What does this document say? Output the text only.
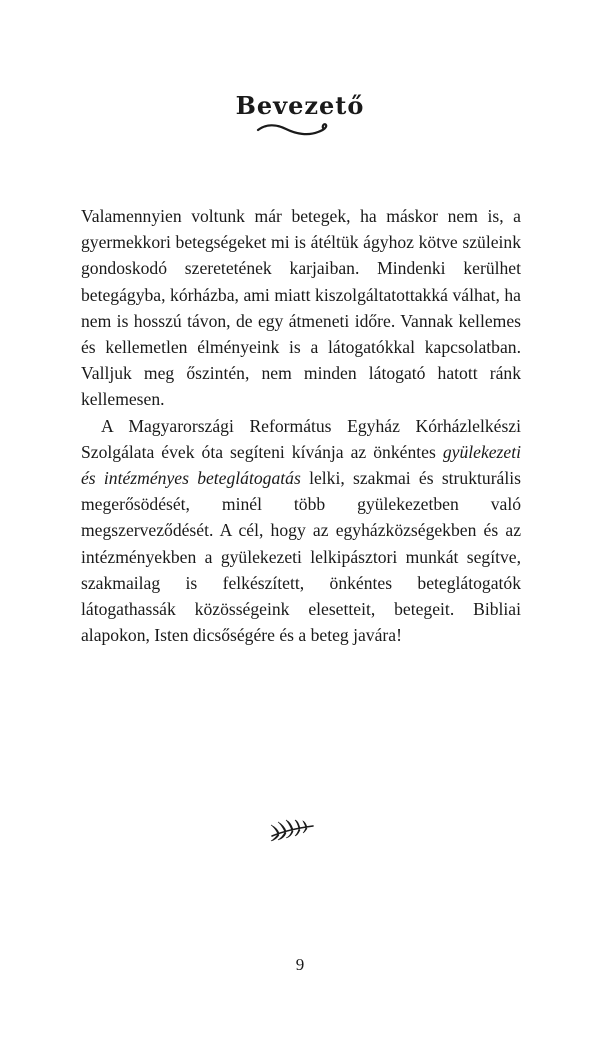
Bevezető

Valamennyien voltunk már betegek, ha máskor nem is, a gyermekkori betegségeket mi is átéltük ágyhoz kötve szüleink gondoskodó szeretetének karjaiban. Mindenki kerülhet betegágyba, kórházba, ami miatt kiszolgáltatottakká válhat, ha nem is hosszú távon, de egy átmeneti időre. Vannak kellemes és kellemetlen élményeink is a látogatókkal kapcsolatban. Valljuk meg őszintén, nem minden látogató hatott ránk kellemesen.

A Magyarországi Református Egyház Kórházlelkészi Szolgálata évek óta segíteni kívánja az önkéntes gyülekezeti és intézményes beteglátogatás lelki, szakmai és strukturális megerősödését, minél több gyülekezetben való megszerveződését. A cél, hogy az egyházközségekben és az intézményekben a gyülekezeti lelkipásztori munkát segítve, szakmailag is felkészített, önkéntes beteglátogatók látogathassák közösségeink elesetteit, betegeit. Bibliai alapokon, Isten dicsőségére és a beteg javára!

9
